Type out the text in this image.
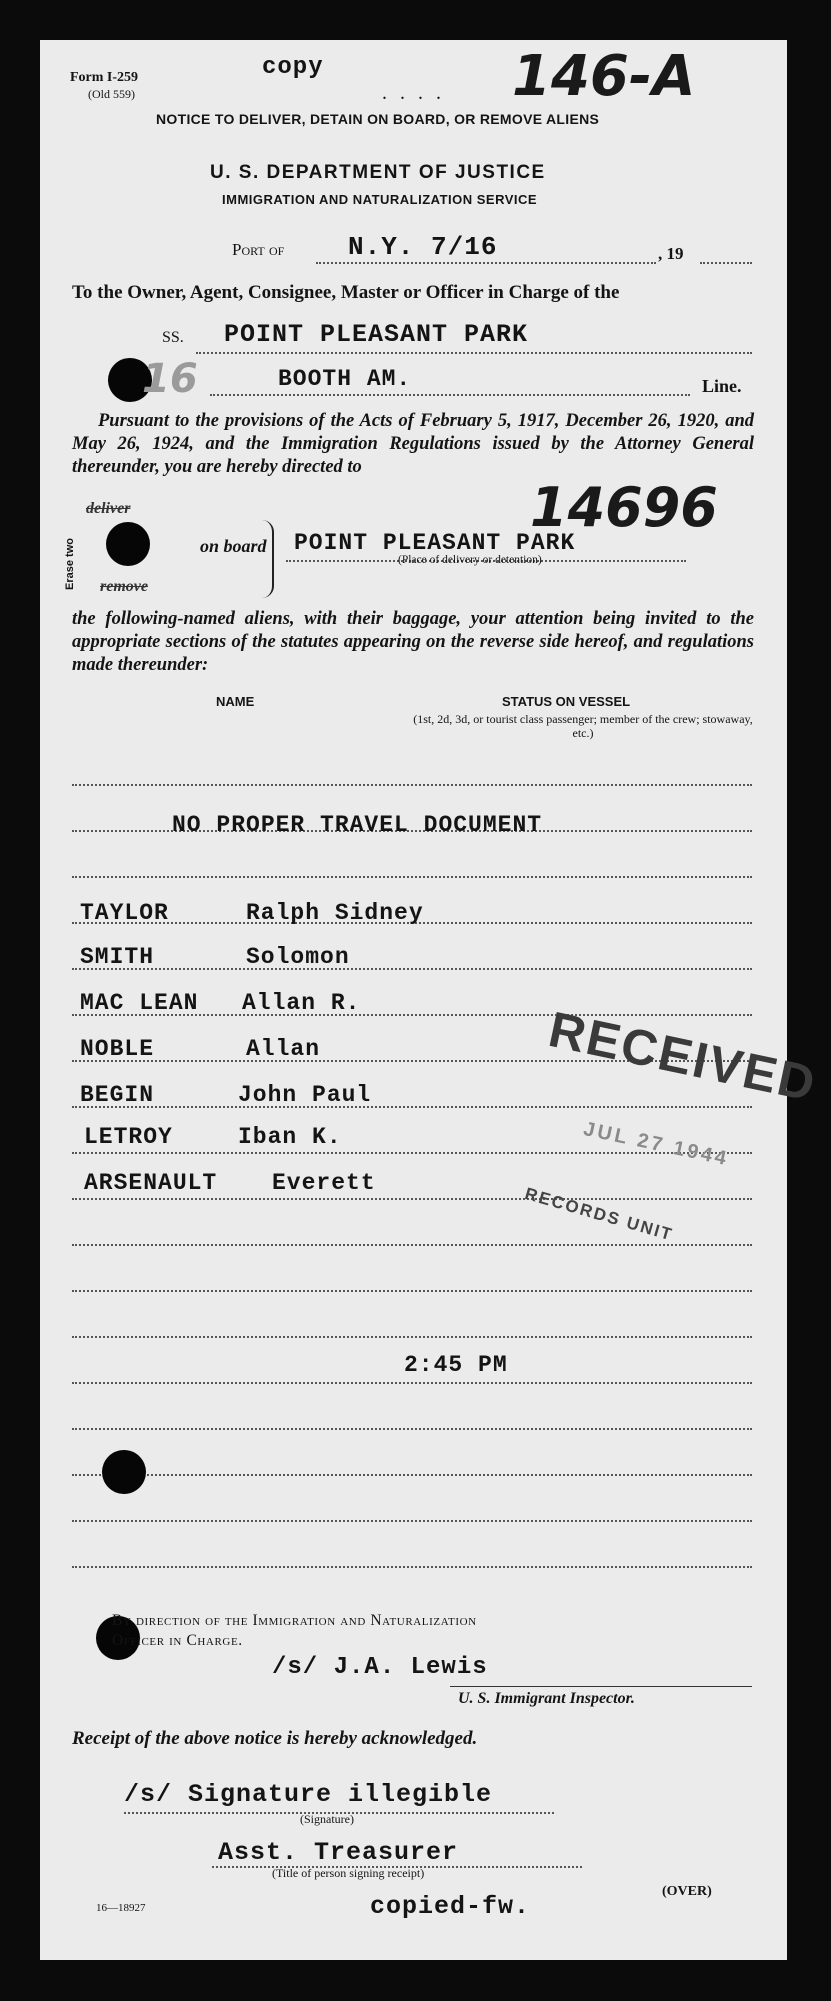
Form I-259
(Old 559)
copy
. . . . 146-A
NOTICE TO DELIVER, DETAIN ON BOARD, OR REMOVE ALIENS
U. S. DEPARTMENT OF JUSTICE
IMMIGRATION AND NATURALIZATION SERVICE
Port of N.Y. 7/16	, 19
To the Owner, Agent, Consignee, Master or Officer in Charge of the
SS. POINT PLEASANT PARK
16	BOOTH AM.	Line.
Pursuant to the provisions of the Acts of February 5, 1917, December 26, 1920, and May 26, 1924, and the Immigration Regulations issued by the Attorney General thereunder, you are hereby directed to
14696
Erase two
deliver
on board
remove
POINT PLEASANT PARK
(Place of delivery or detention)
the following-named aliens, with their baggage, your attention being invited to the appropriate sections of the statutes appearing on the reverse side hereof, and regulations made thereunder:
NAME	STATUS ON VESSEL
(1st, 2d, 3d, or tourist class passenger; member of the crew; stowaway, etc.)
NO PROPER TRAVEL DOCUMENT
TAYLOR	Ralph Sidney
SMITH	Solomon
MAC LEAN Allan R.
NOBLE	Allan
BEGIN	John Paul
LETROY	Iban K.
ARSENAULT Everett
RECEIVED
JUL 27 1944
RECORDS UNIT
2:45 PM
By direction of the Immigration and Naturalization
Officer in Charge.
/s/ J.A. Lewis
U. S. Immigrant Inspector.
Receipt of the above notice is hereby acknowledged.
/s/ Signature illegible
(Signature)
Asst. Treasurer
(Title of person signing receipt)
16—18927	copied-fw.
(OVER)
